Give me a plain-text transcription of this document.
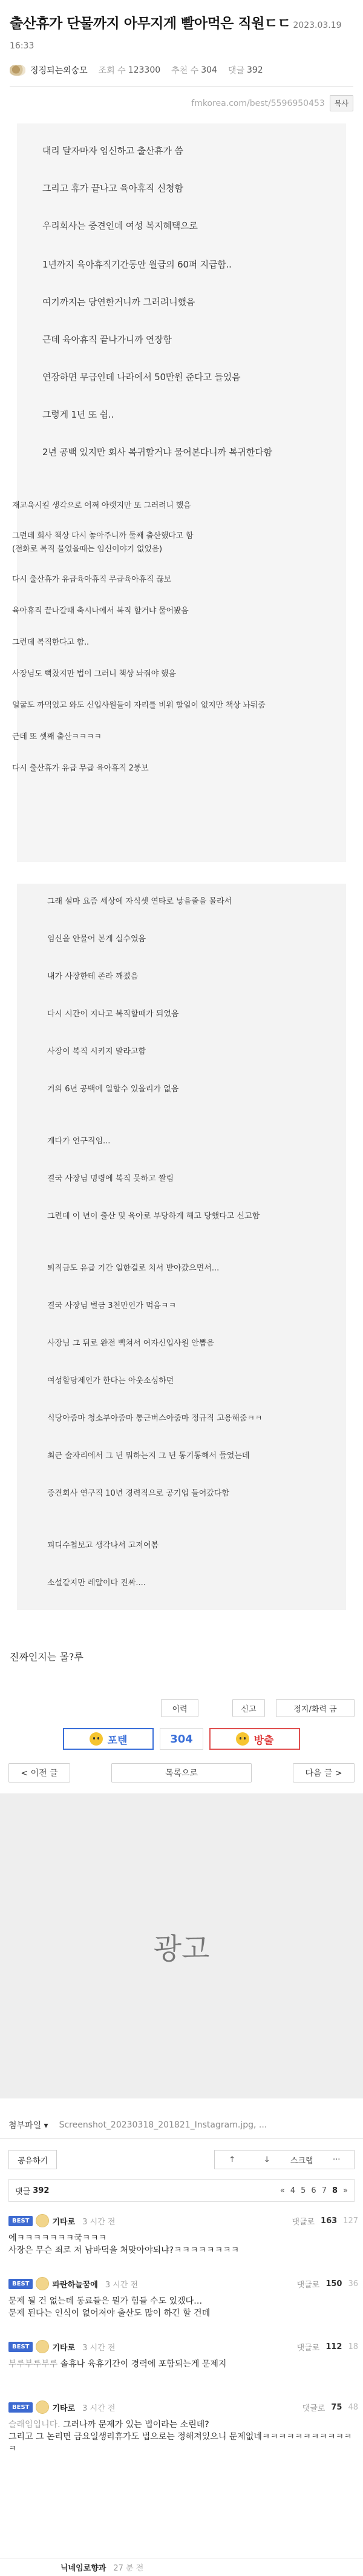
출산휴가 단물까지 아무지게 빨아먹은 직원ㄷㄷ 2023.03.19 16:33
징징되는외숭모 조회 수 123300 추천 수 304 댓글 392
fmkorea.com/best/5596950453	복사
대리 달자마자 임신하고 출산휴가 씀
그리고 휴가 끝나고 육아휴직 신청함
우리회사는 중견인데 여성 복지혜택으로
1년까지 육아휴직기간동안 월급의 60퍼 지급함..
여기까지는 당연한거니까 그러려니했음
근데 육아휴직 끝나가니까 연장함
연장하면 무급인데 나라에서 50만원 준다고 들었음
그렇게 1년 또 쉼..
2년 공백 있지만 회사 복귀할거냐 물어본다니까 복귀한다함
재교육시킬 생각으로 어쩌 아랫지만 또 그러려니 했음
그런데 회사 책상 다시 놓아주니까 둘째 출산했다고 함
(전화로 복직 물었을때는 임신이야기 없었음)
다시 출산휴가 유급육아휴직 무급육아휴직 끊보
육아휴직 끝나갈때 축시나에서 복직 할거냐 물어봤음
그런데 복직한다고 함..
사장님도 뻑찼지만 법이 그러니 책상 놔줘야 했음
얼굴도 까먹었고 와도 신입사원들이 자리를 비워 할일이 없지만 책상 놔둬줌
근데 또 셋째 출산ㅋㅋㅋㅋ
다시 출산휴가 유급 무급 육아휴직 2붕보
그래 설마 요즘 세상에 자식셋 연타로 낳을줄을 몰라서
임신을 안물어 본게 실수였음
내가 사장한테 존라 깨졌음
다시 시간이 지나고 복직할때가 되었음
사장이 복직 시키지 말라고함
거의 6년 공백에 일할수 있을리가 없음
게다가 연구직임...
결국 사장님 명령에 복직 못하고 짤림
그런데 이 년이 출산 및 육아로 부당하게 해고 당했다고 신고함
퇴직금도 유급 기간 일한걸로 치서 받아갔으면서...
결국 사장님 벌금 3천만인가 먹음ㅋㅋ
사장님 그 뒤로 완전 뻑쳐서 여자신입사원 안뽑음
여성할당제인가 한다는 아웃소싱하던
식당아줌마 청소부아줌마 통근버스아줌마 정규직 고용해줌ㅋㅋ
최근 술자리에서 그 년 뭐하는지 그 년 통기통해서 들었는데
중견회사 연구직 10년 경력직으로 공기업 들어갔다함
피디수첩보고 생각나서 고져여봄
소설같지만 레알이다 진짜....
진짜인지는 몰?루
이력	신고	정지/화력 금
포텐	304	방출
< 이전 글	목록으로	다음 글 >
광고
첨부파일 ▾ Screenshot_20230318_201821_Instagram.jpg, ...
공유하기	↑	↓	스크랩	···
댓글
392	« 4 5 6 7 8 »
BEST	기타로 3 시간 전	댓글로 163 127
에ㅋㅋㅋㅋㅋㅋㅋ국ㅋㅋㅋ
사장은 무슨 죄로 저 남바덕을 처맞아야되냐?ㅋㅋㅋㅋㅋㅋㅋㅋ
BEST	파란하늘꿈에 3 시간 전	댓글로 150 36
문제 될 건 없는데 동료들은 뭔가 힘들 수도 있겠다…
문제 된다는 인식이 없어져야 출산도 많이 하긴 할 건데
BEST	기타로 3 시간 전	댓글로 112 18
부루부루부루 솔휴나 육휴기간이 경력에 포함되는게 문제지
BEST	기타로 3 시간 전	댓글로 75 48
슬래임입니다. 그러나까 문제가 있는 법이라는 소린데?
그리고 그 논리면 금요일생리휴가도 법으로는 정해져있으니 문제없네ㅋㅋㅋㅋㅋㅋㅋㅋㅋㅋㅋㅋ
닉네임로향과 27 분 전
